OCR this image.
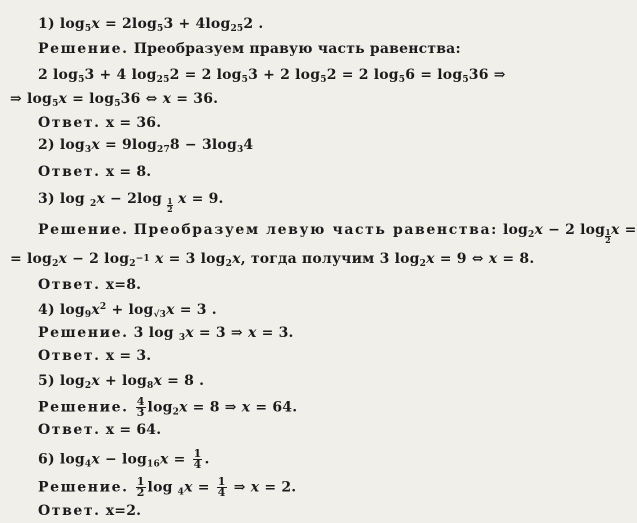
1) $\log_5x = 2\log_53 + 4\log_{25}2$ .
Решение. Преобразуем правую часть равенства:
2 $\log_53 + 4$ $\log_{25}2 = 2$ $\log_53 + 2$ $\log_52 = 2$ $\log_56 = \log_536$ ⇒
⇒ $\log_5x = \log_536$ ⇔ x = 36.
Ответ. x = 36.
2) $\log_3x = 9\log_{27}8 - 3\log_34$
Ответ. x = 8.
3) $\log _2x - 2\log \frac{1}{2}$ x = 9.
Решение. Преобразуем левую часть равенства: $\log_2x - 2$ $\log \frac{1}{2}$ x =
= $\log_2x - 2$ $\log_{2^{-1}} x = 3$ $\log_2x$, тогда получим 3 $\log_2x = 9$ ⇔ x = 8.
Ответ. x=8.
4) $\log_9x^2 + \log_{√3}x = 3$ .
Решение. 3 log $_3$x = 3 ⇒ x = 3.
Ответ. x = 3.
5) $\log_2x + \log_8x = 8$ .
Решение. $\frac{4}{3} \log_2x = 8$ ⇒ x = 64.
Ответ. x = 64.
6) $\log_4x - \log_{16}x = \frac{1}{4}$ .
Решение. $\frac{1}{2}$ $\log _4x = \frac{1}{4}$ ⇒ x = 2.
Ответ. x=2.
